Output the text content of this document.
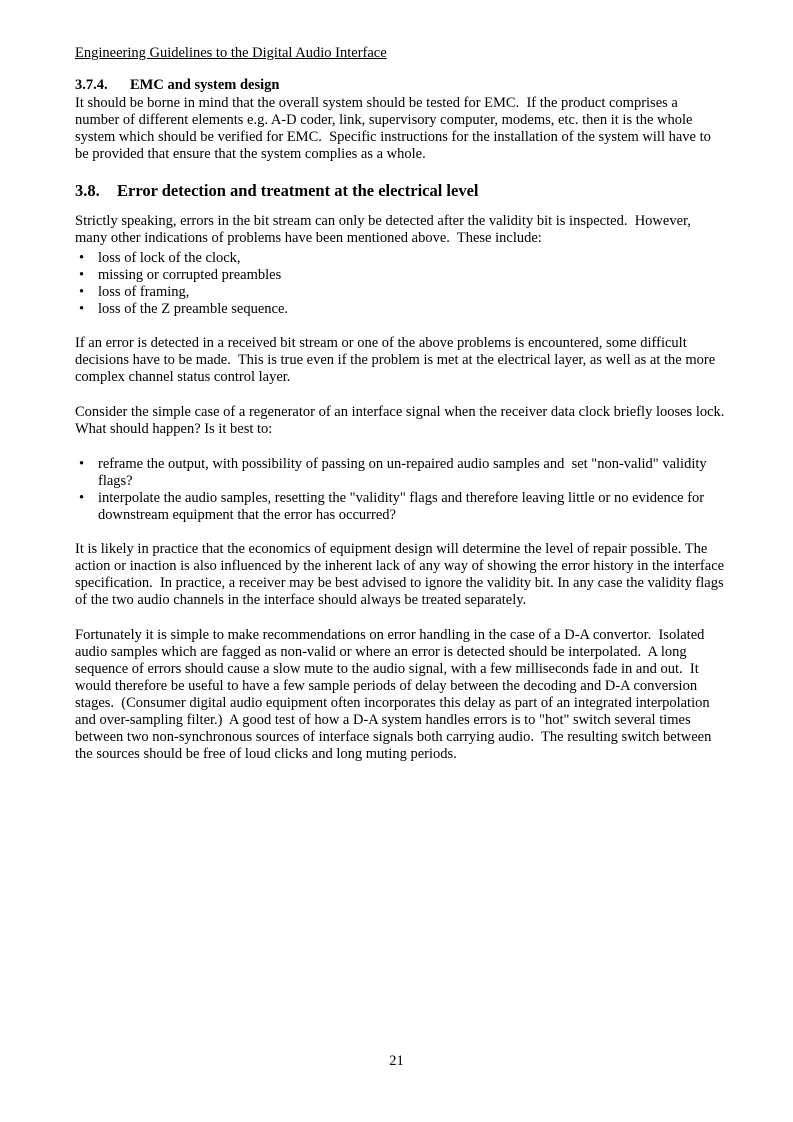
Engineering Guidelines to the Digital Audio Interface
3.7.4. EMC and system design

It should be borne in mind that the overall system should be tested for EMC.  If the product comprises a number of different elements e.g. A-D coder, link, supervisory computer, modems, etc. then it is the whole system which should be verified for EMC.  Specific instructions for the installation of the system will have to be provided that ensure that the system complies as a whole.

3.8. Error detection and treatment at the electrical level

Strictly speaking, errors in the bit stream can only be detected after the validity bit is inspected.  However, many other indications of problems have been mentioned above.  These include:

• loss of lock of the clock,
• missing or corrupted preambles
• loss of framing,
• loss of the Z preamble sequence.

If an error is detected in a received bit stream or one of the above problems is encountered, some difficult decisions have to be made.  This is true even if the problem is met at the electrical layer, as well as at the more complex channel status control layer.

Consider the simple case of a regenerator of an interface signal when the receiver data clock briefly looses lock. What should happen? Is it best to:

• reframe the output, with possibility of passing on un-repaired audio samples and  set "non-valid" validity flags?
• interpolate the audio samples, resetting the "validity" flags and therefore leaving little or no evidence for downstream equipment that the error has occurred?

It is likely in practice that the economics of equipment design will determine the level of repair possible. The action or inaction is also influenced by the inherent lack of any way of showing the error history in the interface specification.  In practice, a receiver may be best advised to ignore the validity bit. In any case the validity flags of the two audio channels in the interface should always be treated separately.

Fortunately it is simple to make recommendations on error handling in the case of a D-A convertor.  Isolated audio samples which are fagged as non-valid or where an error is detected should be interpolated.  A long sequence of errors should cause a slow mute to the audio signal, with a few milliseconds fade in and out.  It would therefore be useful to have a few sample periods of delay between the decoding and D-A conversion stages.  (Consumer digital audio equipment often incorporates this delay as part of an integrated interpolation and over-sampling filter.)  A good test of how a D-A system handles errors is to "hot" switch several times between two non-synchronous sources of interface signals both carrying audio.  The resulting switch between the sources should be free of loud clicks and long muting periods.

21
